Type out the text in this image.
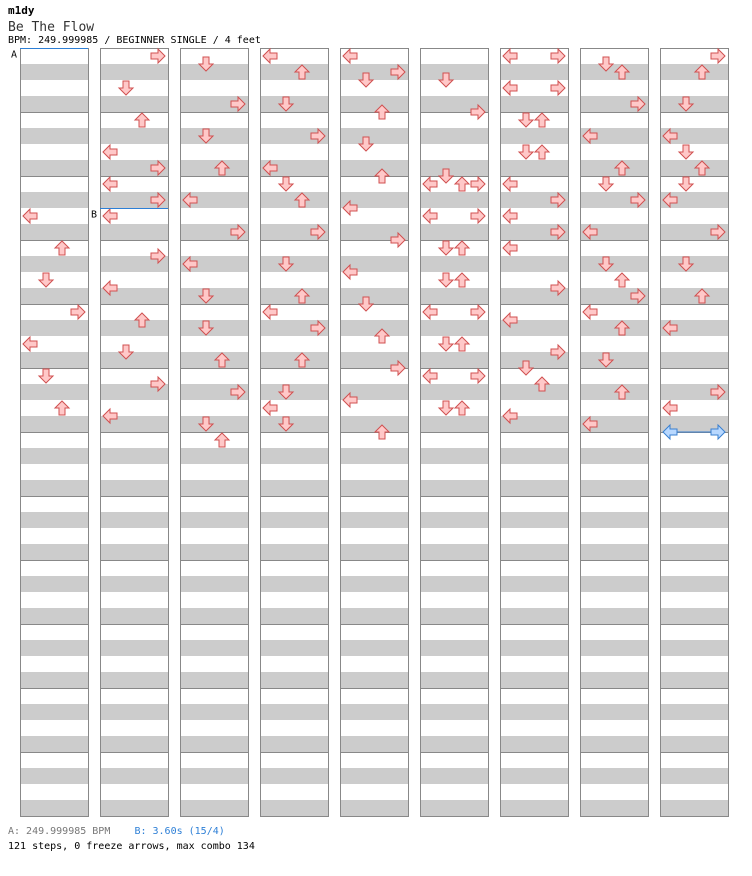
m1dy
Be The Flow
BPM: 249.999985 / BEGINNER SINGLE / 4 feet
A
B
A: 249.999985 BPM B: 3.60s (15/4)
121 steps, 0 freeze arrows, max combo 134
